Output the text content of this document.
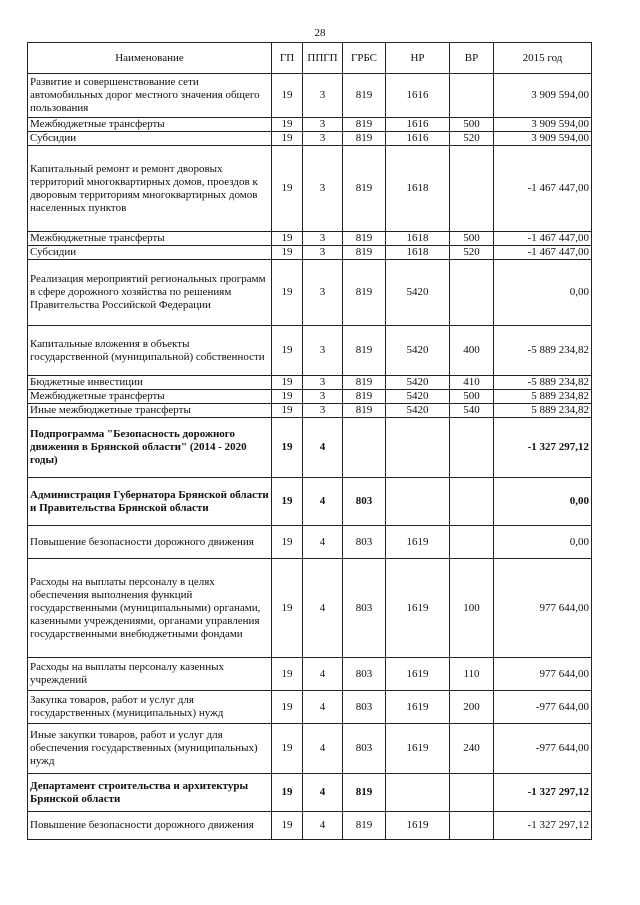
28
Наименование	ГП	ППГП	ГРБС	НР	ВР	2015 год
Развитие и совершенствование сети автомобильных дорог местного значения общего пользования	19	3	819	1616		3 909 594,00
Межбюджетные трансферты	19	3	819	1616	500	3 909 594,00
Субсидии	19	3	819	1616	520	3 909 594,00
Капитальный ремонт и ремонт дворовых территорий многоквартирных домов, проездов к дворовым территориям многоквартирных домов населенных пунктов	19	3	819	1618		-1 467 447,00
Межбюджетные трансферты	19	3	819	1618	500	-1 467 447,00
Субсидии	19	3	819	1618	520	-1 467 447,00
Реализация мероприятий региональных программ в сфере дорожного хозяйства по решениям Правительства Российской Федерации	19	3	819	5420		0,00
Капитальные вложения в объекты государственной (муниципальной) собственности	19	3	819	5420	400	-5 889 234,82
Бюджетные инвестиции	19	3	819	5420	410	-5 889 234,82
Межбюджетные трансферты	19	3	819	5420	500	5 889 234,82
Иные межбюджетные трансферты	19	3	819	5420	540	5 889 234,82
Подпрограмма "Безопасность дорожного движения в Брянской области" (2014 - 2020 годы)	19	4				-1 327 297,12
Администрация Губернатора Брянской области и Правительства Брянской области	19	4	803			0,00
Повышение безопасности дорожного движения	19	4	803	1619		0,00
Расходы на выплаты персоналу в целях обеспечения выполнения функций государственными (муниципальными) органами, казенными учреждениями, органами управления государственными внебюджетными фондами	19	4	803	1619	100	977 644,00
Расходы на выплаты персоналу казенных учреждений	19	4	803	1619	110	977 644,00
Закупка товаров, работ и услуг для государственных (муниципальных) нужд	19	4	803	1619	200	-977 644,00
Иные закупки товаров, работ и услуг для обеспечения государственных (муниципальных) нужд	19	4	803	1619	240	-977 644,00
Департамент строительства и архитектуры Брянской области	19	4	819			-1 327 297,12
Повышение безопасности дорожного движения	19	4	819	1619		-1 327 297,12
